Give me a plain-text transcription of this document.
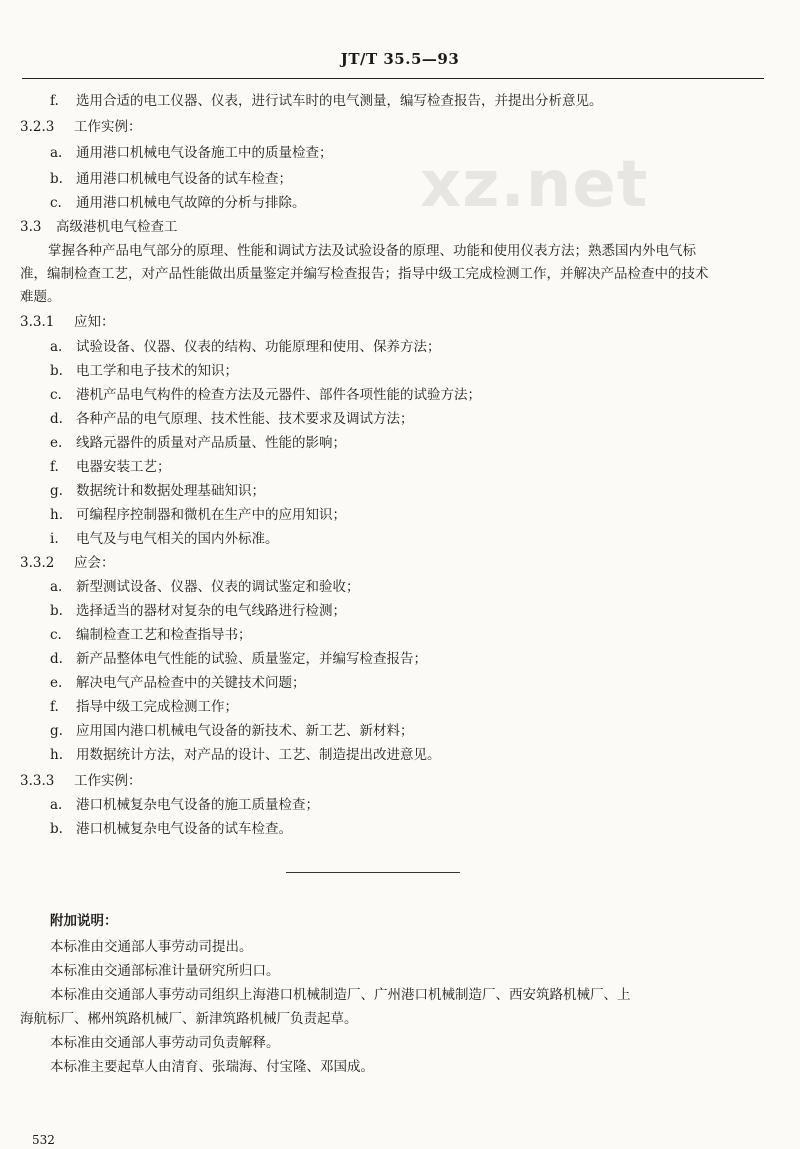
JT/T 35.5—93
xz.net
f. 选用合适的电工仪器、仪表，进行试车时的电气测量，编写检查报告，并提出分析意见。
3.2.3 工作实例：
a. 通用港口机械电气设备施工中的质量检查；
b. 通用港口机械电气设备的试车检查；
c. 通用港口机械电气故障的分析与排除。
3.3 高级港机电气检查工
掌握各种产品电气部分的原理、性能和调试方法及试验设备的原理、功能和使用仪表方法；熟悉国内外电气标准，编制检查工艺，对产品性能做出质量鉴定并编写检查报告；指导中级工完成检测工作，并解决产品检查中的技术难题。
3.3.1 应知：
a. 试验设备、仪器、仪表的结构、功能原理和使用、保养方法；
b. 电工学和电子技术的知识；
c. 港机产品电气构件的检查方法及元器件、部件各项性能的试验方法；
d. 各种产品的电气原理、技术性能、技术要求及调试方法；
e. 线路元器件的质量对产品质量、性能的影响；
f. 电器安装工艺；
g. 数据统计和数据处理基础知识；
h. 可编程序控制器和微机在生产中的应用知识；
i. 电气及与电气相关的国内外标准。
3.3.2 应会：
a. 新型测试设备、仪器、仪表的调试鉴定和验收；
b. 选择适当的器材对复杂的电气线路进行检测；
c. 编制检查工艺和检查指导书；
d. 新产品整体电气性能的试验、质量鉴定，并编写检查报告；
e. 解决电气产品检查中的关键技术问题；
f. 指导中级工完成检测工作；
g. 应用国内港口机械电气设备的新技术、新工艺、新材料；
h. 用数据统计方法，对产品的设计、工艺、制造提出改进意见。
3.3.3 工作实例：
a. 港口机械复杂电气设备的施工质量检查；
b. 港口机械复杂电气设备的试车检查。
附加说明：
本标准由交通部人事劳动司提出。
本标准由交通部标准计量研究所归口。
本标准由交通部人事劳动司组织上海港口机械制造厂、广州港口机械制造厂、西安筑路机械厂、上
海航标厂、郴州筑路机械厂、新津筑路机械厂负责起草。
本标准由交通部人事劳动司负责解释。
本标准主要起草人由清育、张瑞海、付宝隆、邓国成。
532
